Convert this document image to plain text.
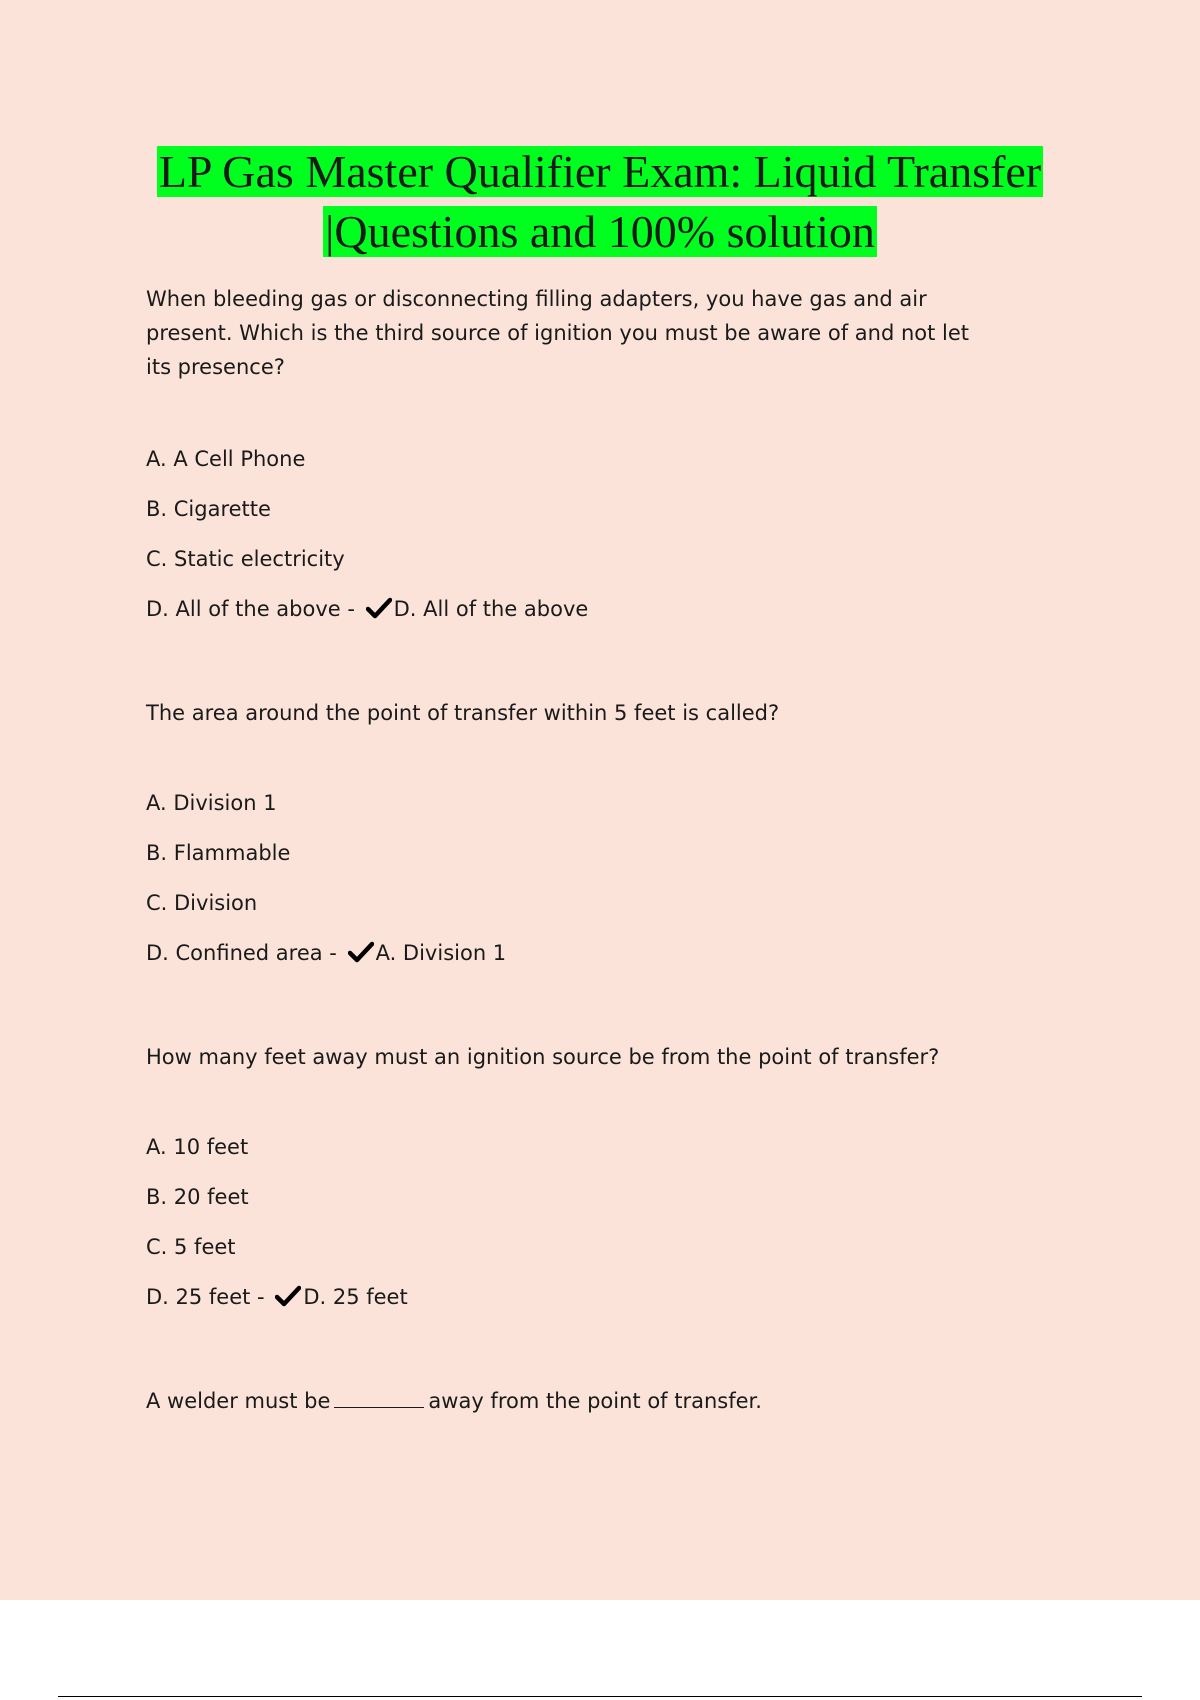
LP Gas Master Qualifier Exam: Liquid Transfer
|Questions and 100% solution

When bleeding gas or disconnecting filling adapters, you have gas and air present. Which is the third source of ignition you must be aware of and not let its presence?

A. A Cell Phone
B. Cigarette
C. Static electricity
D. All of the above - D. All of the above

The area around the point of transfer within 5 feet is called?

A. Division 1
B. Flammable
C. Division
D. Confined area - A. Division 1

How many feet away must an ignition source be from the point of transfer?

A. 10 feet
B. 20 feet
C. 5 feet
D. 25 feet - D. 25 feet

A welder must be	away from the point of transfer.
